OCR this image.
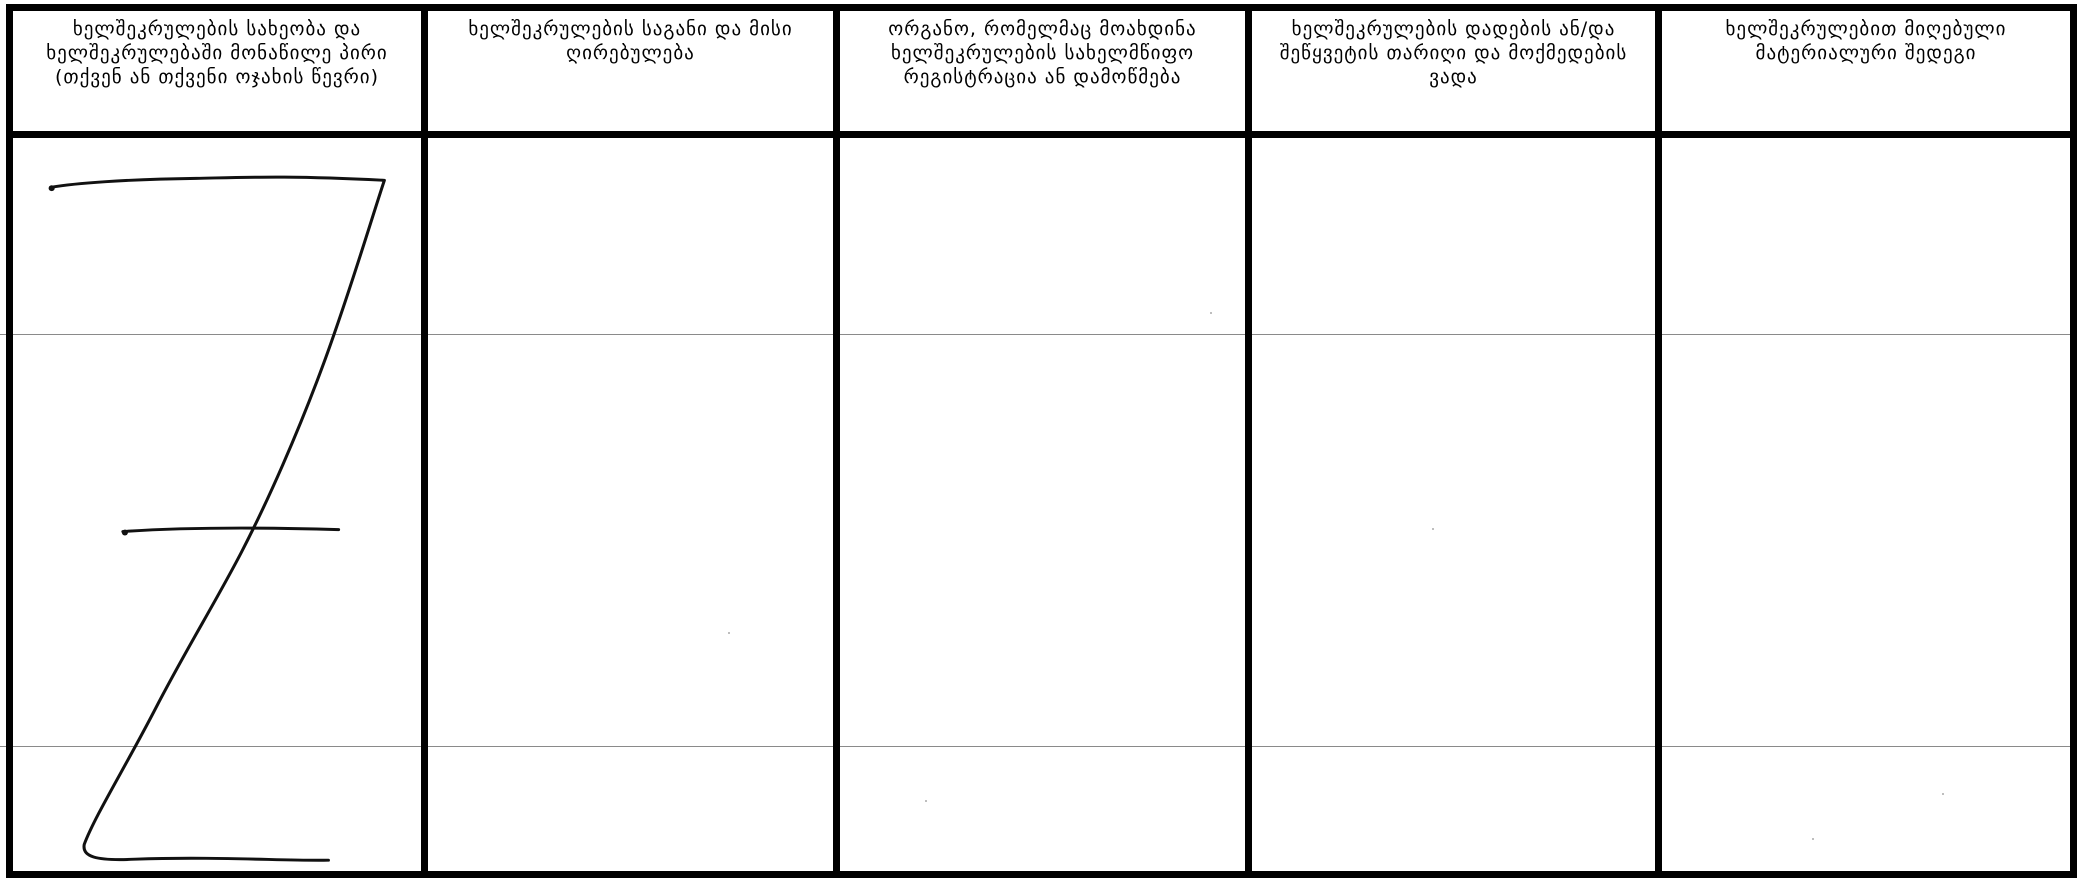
ხელშეკრულების სახეობა და ხელშეკრულებაში მონაწილე პირი (თქვენ ან თქვენი ოჯახის წევრი)	ხელშეკრულების საგანი და მისი ღირებულება	ორგანო, რომელმაც მოახდინა ხელშეკრულების სახელმწიფო რეგისტრაცია ან დამოწმება	ხელშეკრულების დადების ან/და შეწყვეტის თარიღი და მოქმედების ვადა	ხელშეკრულებით მიღებული მატერიალური შედეგი
